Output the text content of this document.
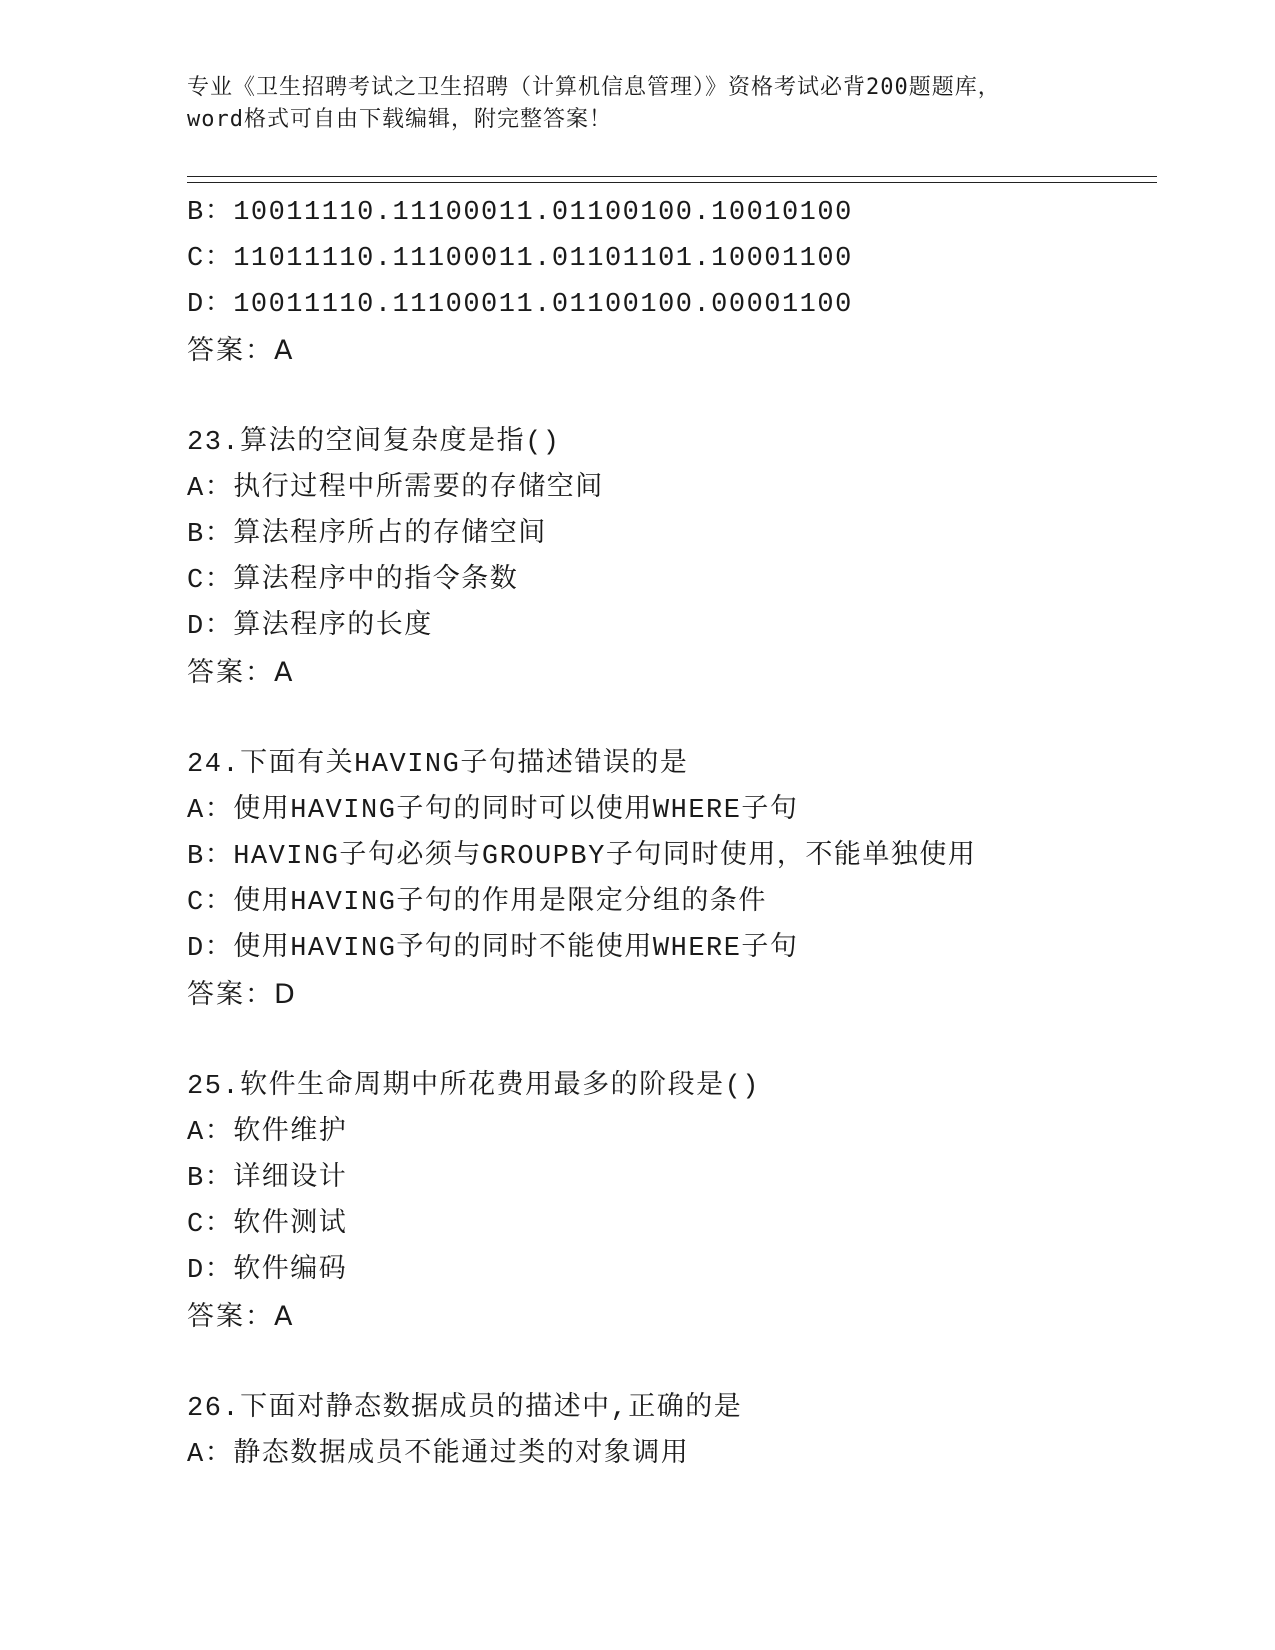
专业《卫生招聘考试之卫生招聘（计算机信息管理）》资格考试必背200题题库，
word格式可自由下载编辑，附完整答案！
B：10011110.11100011.01100100.10010100
C：11011110.11100011.01101101.10001100
D：10011110.11100011.01100100.00001100
答案：A
23.算法的空间复杂度是指()
A：执行过程中所需要的存储空间
B：算法程序所占的存储空间
C：算法程序中的指令条数
D：算法程序的长度
答案：A
24.下面有关HAVING子句描述错误的是
A：使用HAVING子句的同时可以使用WHERE子句
B：HAVING子句必须与GROUPBY子句同时使用，不能单独使用
C：使用HAVING子句的作用是限定分组的条件
D：使用HAVING予句的同时不能使用WHERE子句
答案：D
25.软件生命周期中所花费用最多的阶段是()
A：软件维护
B：详细设计
C：软件测试
D：软件编码
答案：A
26.下面对静态数据成员的描述中,正确的是
A：静态数据成员不能通过类的对象调用
